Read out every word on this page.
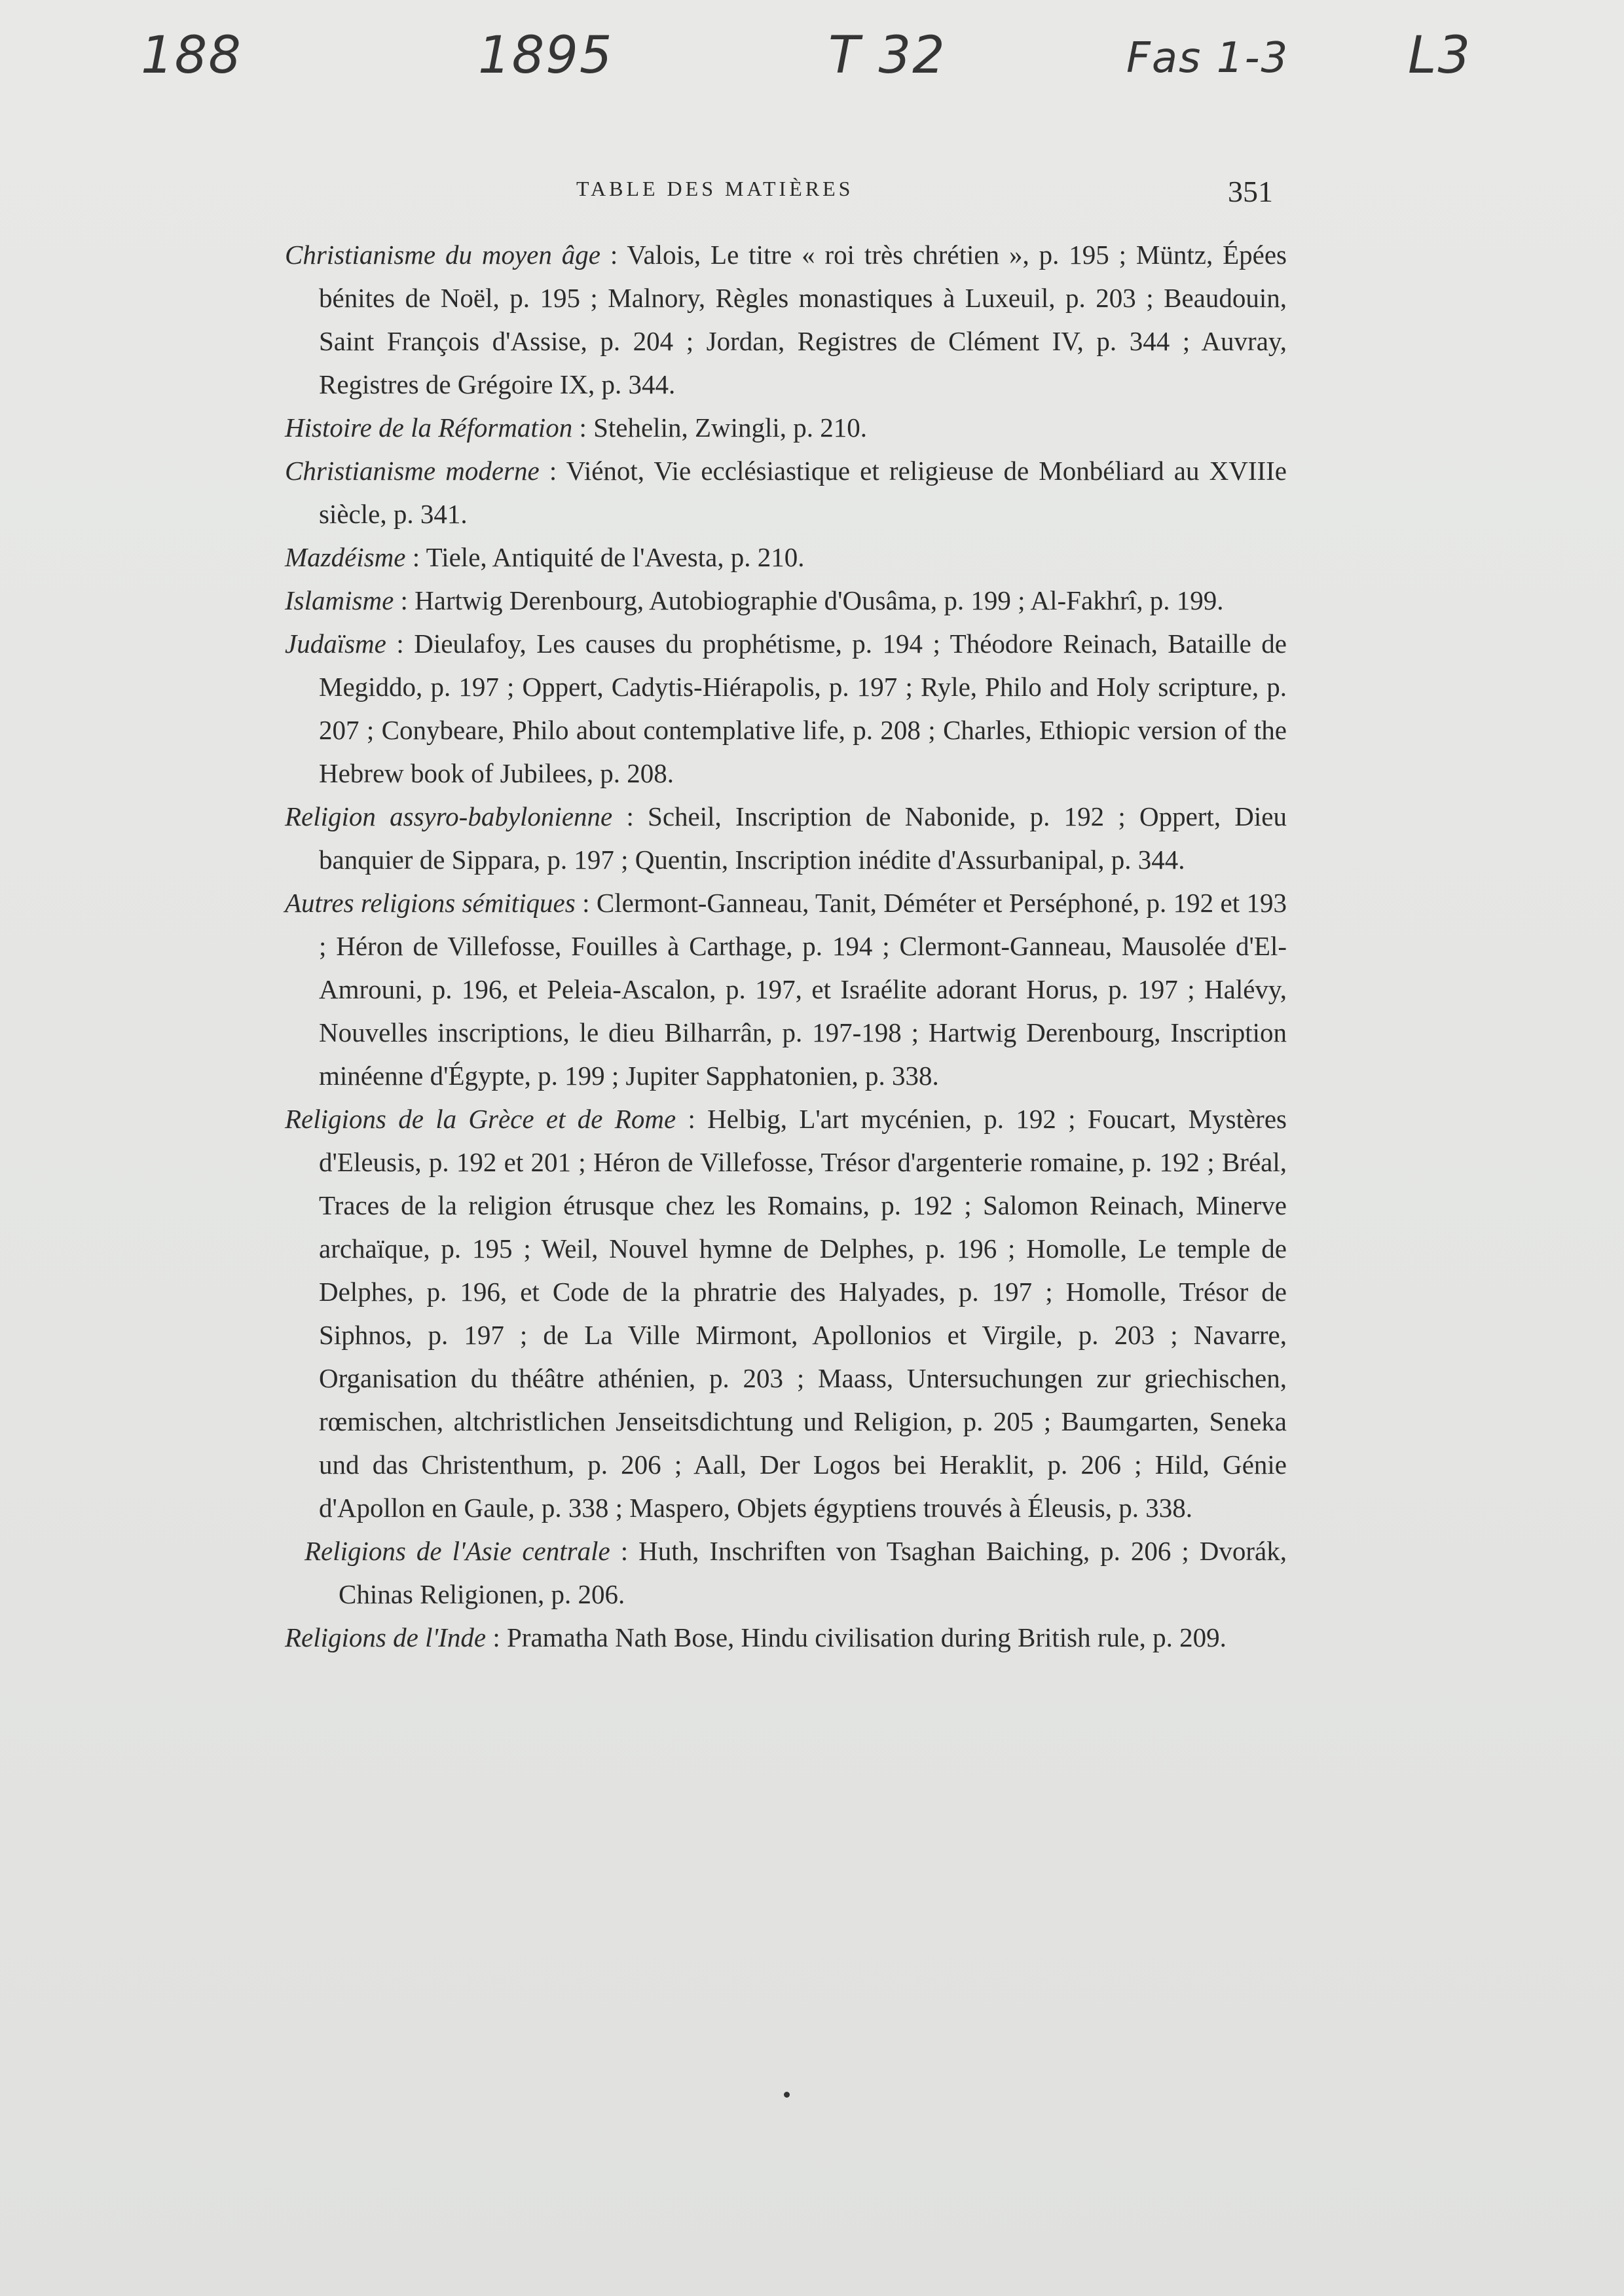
188	1895	T 32	Fas 1-3 L3
TABLE DES MATIÈRES	351

Christianisme du moyen âge : Valois, Le titre « roi très chrétien », p. 195 ; Müntz, Épées bénites de Noël, p. 195 ; Malnory, Règles monastiques à Luxeuil, p. 203 ; Beaudouin, Saint François d'Assise, p. 204 ; Jordan, Registres de Clément IV, p. 344 ; Auvray, Registres de Grégoire IX, p. 344.

Histoire de la Réformation : Stehelin, Zwingli, p. 210.

Christianisme moderne : Viénot, Vie ecclésiastique et religieuse de Monbéliard au XVIIIe siècle, p. 341.

Mazdéisme : Tiele, Antiquité de l'Avesta, p. 210.

Islamisme : Hartwig Derenbourg, Autobiographie d'Ousâma, p. 199 ; Al-Fakhrî, p. 199.

Judaïsme : Dieulafoy, Les causes du prophétisme, p. 194 ; Théodore Reinach, Bataille de Megiddo, p. 197 ; Oppert, Cadytis-Hiérapolis, p. 197 ; Ryle, Philo and Holy scripture, p. 207 ; Conybeare, Philo about contemplative life, p. 208 ; Charles, Ethiopic version of the Hebrew book of Jubilees, p. 208.

Religion assyro-babylonienne : Scheil, Inscription de Nabonide, p. 192 ; Oppert, Dieu banquier de Sippara, p. 197 ; Quentin, Inscription inédite d'Assurbanipal, p. 344.

Autres religions sémitiques : Clermont-Ganneau, Tanit, Déméter et Perséphoné, p. 192 et 193 ; Héron de Villefosse, Fouilles à Carthage, p. 194 ; Clermont-Ganneau, Mausolée d'El-Amrouni, p. 196, et Peleia-Ascalon, p. 197, et Israélite adorant Horus, p. 197 ; Halévy, Nouvelles inscriptions, le dieu Bilharrân, p. 197-198 ; Hartwig Derenbourg, Inscription minéenne d'Égypte, p. 199 ; Jupiter Sapphatonien, p. 338.

Religions de la Grèce et de Rome : Helbig, L'art mycénien, p. 192 ; Foucart, Mystères d'Eleusis, p. 192 et 201 ; Héron de Villefosse, Trésor d'argenterie romaine, p. 192 ; Bréal, Traces de la religion étrusque chez les Romains, p. 192 ; Salomon Reinach, Minerve archaïque, p. 195 ; Weil, Nouvel hymne de Delphes, p. 196 ; Homolle, Le temple de Delphes, p. 196, et Code de la phratrie des Halyades, p. 197 ; Homolle, Trésor de Siphnos, p. 197 ; de La Ville Mirmont, Apollonios et Virgile, p. 203 ; Navarre, Organisation du théâtre athénien, p. 203 ; Maass, Untersuchungen zur griechischen, rœmischen, altchristlichen Jenseitsdichtung und Religion, p. 205 ; Baumgarten, Seneka und das Christenthum, p. 206 ; Aall, Der Logos bei Heraklit, p. 206 ; Hild, Génie d'Apollon en Gaule, p. 338 ; Maspero, Objets égyptiens trouvés à Éleusis, p. 338.

Religions de l'Asie centrale : Huth, Inschriften von Tsaghan Baiching, p. 206 ; Dvorák, Chinas Religionen, p. 206.

Religions de l'Inde : Pramatha Nath Bose, Hindu civilisation during British rule, p. 209.
